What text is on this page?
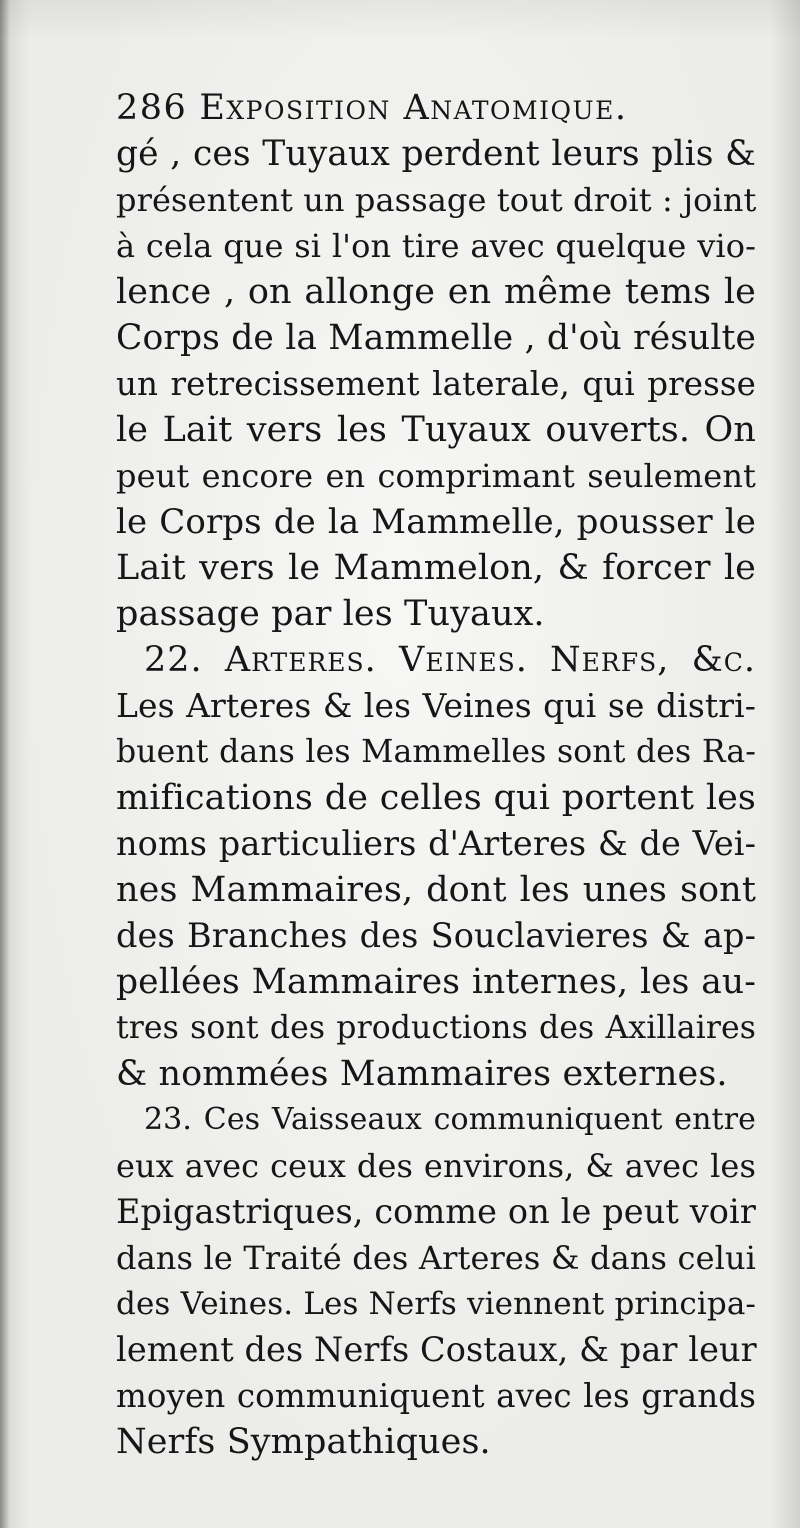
286 Exposition Anatomique.
gé , ces Tuyaux perdent leurs plis &
présentent un passage tout droit : joint
à cela que si l'on tire avec quelque vio-
lence , on allonge en même tems le
Corps de la Mammelle , d'où résulte
un retrecissement laterale, qui presse
le Lait vers les Tuyaux ouverts. On
peut encore en comprimant seulement
le Corps de la Mammelle, pousser le
Lait vers le Mammelon, & forcer le
passage par les Tuyaux.
22. Arteres. Veines. Nerfs, &c.
Les Arteres & les Veines qui se distri-
buent dans les Mammelles sont des Ra-
mifications de celles qui portent les
noms particuliers d'Arteres & de Vei-
nes Mammaires, dont les unes sont
des Branches des Souclavieres & ap-
pellées Mammaires internes, les au-
tres sont des productions des Axillaires
& nommées Mammaires externes.
23. Ces Vaisseaux communiquent entre
eux avec ceux des environs, & avec les
Epigastriques, comme on le peut voir
dans le Traité des Arteres & dans celui
des Veines. Les Nerfs viennent principa-
lement des Nerfs Costaux, & par leur
moyen communiquent avec les grands
Nerfs Sympathiques.
